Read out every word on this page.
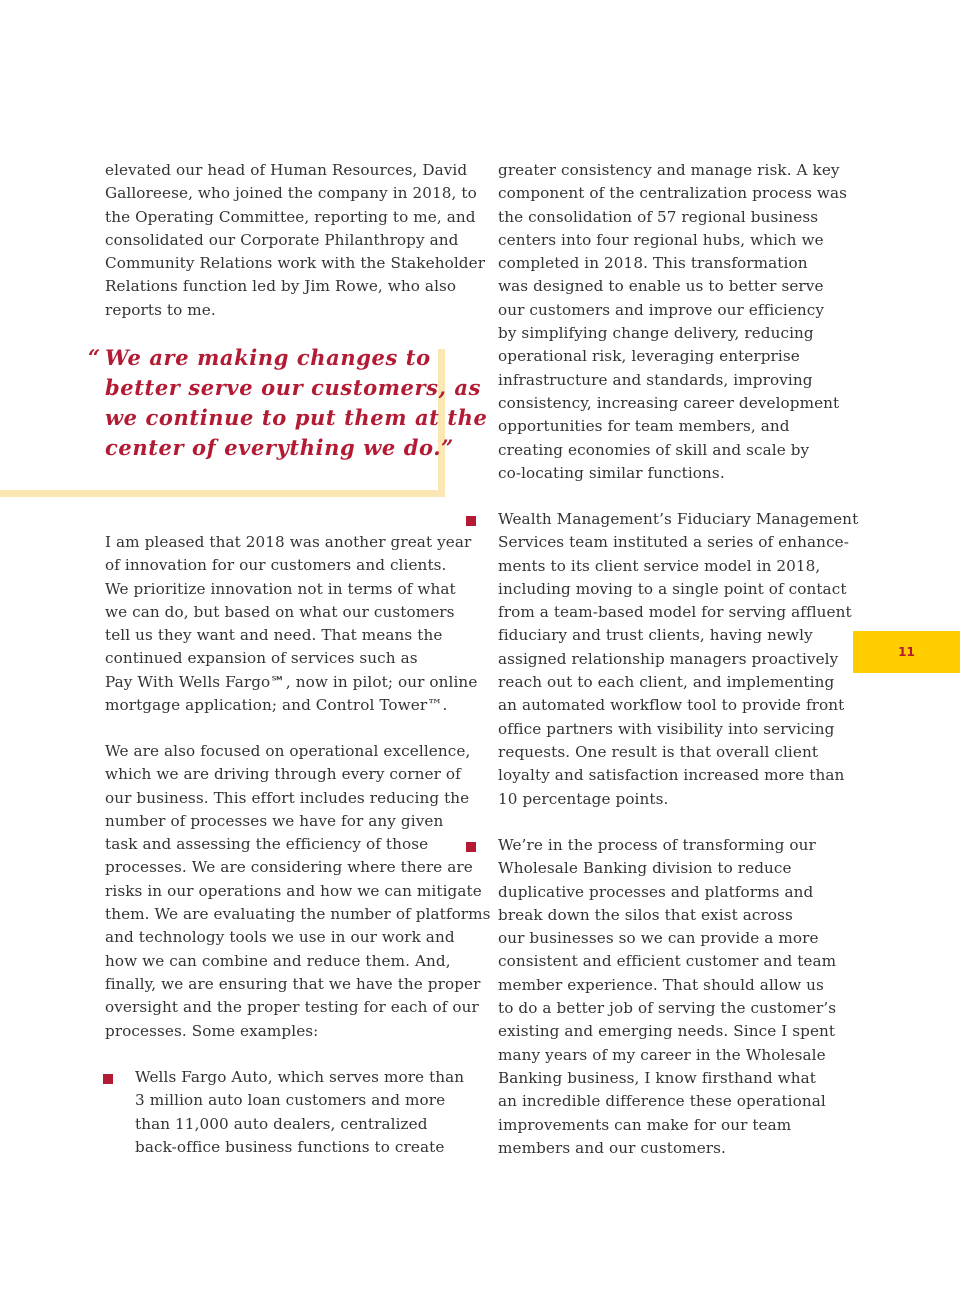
elevated our head of Human Resources, David
Galloreese, who joined the company in 2018, to
the Operating Committee, reporting to me, and
consolidated our Corporate Philanthropy and
Community Relations work with the Stakeholder
Relations function led by Jim Rowe, who also
reports to me.
“ We are making changes to
better serve our customers, as
we continue to put them at the
center of everything we do.”
I am pleased that 2018 was another great year
of innovation for our customers and clients.
We prioritize innovation not in terms of what
we can do, but based on what our customers
tell us they want and need. That means the
continued expansion of services such as
Pay With Wells Fargo℠, now in pilot; our online
mortgage application; and Control Tower™.
We are also focused on operational excellence,
which we are driving through every corner of
our business. This effort includes reducing the
number of processes we have for any given
task and assessing the efficiency of those
processes. We are considering where there are
risks in our operations and how we can mitigate
them. We are evaluating the number of platforms
and technology tools we use in our work and
how we can combine and reduce them. And,
finally, we are ensuring that we have the proper
oversight and the proper testing for each of our
processes. Some examples:
Wells Fargo Auto, which serves more than
3 million auto loan customers and more
than 11,000 auto dealers, centralized
back-office business functions to create
greater consistency and manage risk. A key
component of the centralization process was
the consolidation of 57 regional business
centers into four regional hubs, which we
completed in 2018. This transformation
was designed to enable us to better serve
our customers and improve our efficiency
by simplifying change delivery, reducing
operational risk, leveraging enterprise
infrastructure and standards, improving
consistency, increasing career development
opportunities for team members, and
creating economies of skill and scale by
co-locating similar functions.
Wealth Management’s Fiduciary Management
Services team instituted a series of enhance-
ments to its client service model in 2018,
including moving to a single point of contact
from a team-based model for serving affluent
fiduciary and trust clients, having newly
assigned relationship managers proactively
reach out to each client, and implementing
an automated workflow tool to provide front
office partners with visibility into servicing
requests. One result is that overall client
loyalty and satisfaction increased more than
10 percentage points.
We’re in the process of transforming our
Wholesale Banking division to reduce
duplicative processes and platforms and
break down the silos that exist across
our businesses so we can provide a more
consistent and efficient customer and team
member experience. That should allow us
to do a better job of serving the customer’s
existing and emerging needs. Since I spent
many years of my career in the Wholesale
Banking business, I know firsthand what
an incredible difference these operational
improvements can make for our team
members and our customers.
11
